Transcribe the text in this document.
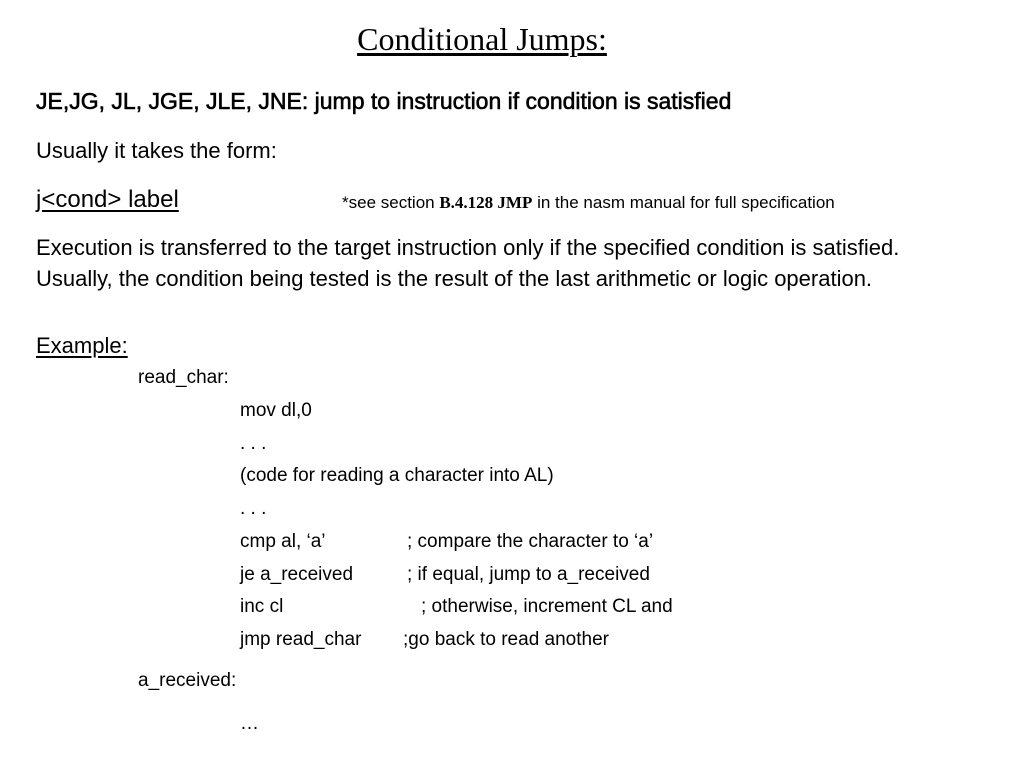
Conditional Jumps:
JE,JG, JL, JGE, JLE, JNE: jump to instruction if condition is satisfied
Usually it takes the form:
j<cond> label	*see section B.4.128 JMP in the nasm manual for full specification
Execution is transferred to the target instruction only if the specified condition is satisfied. Usually, the condition being tested is the result of the last arithmetic or logic operation.
Example:
read_char:
mov dl,0
. . .
(code for reading a character into AL)
. . .
cmp al, ‘a’	; compare the character to ‘a’
je a_received	; if equal, jump to a_received
inc cl	; otherwise, increment CL and
jmp read_char ;go back to read another
a_received:
…
